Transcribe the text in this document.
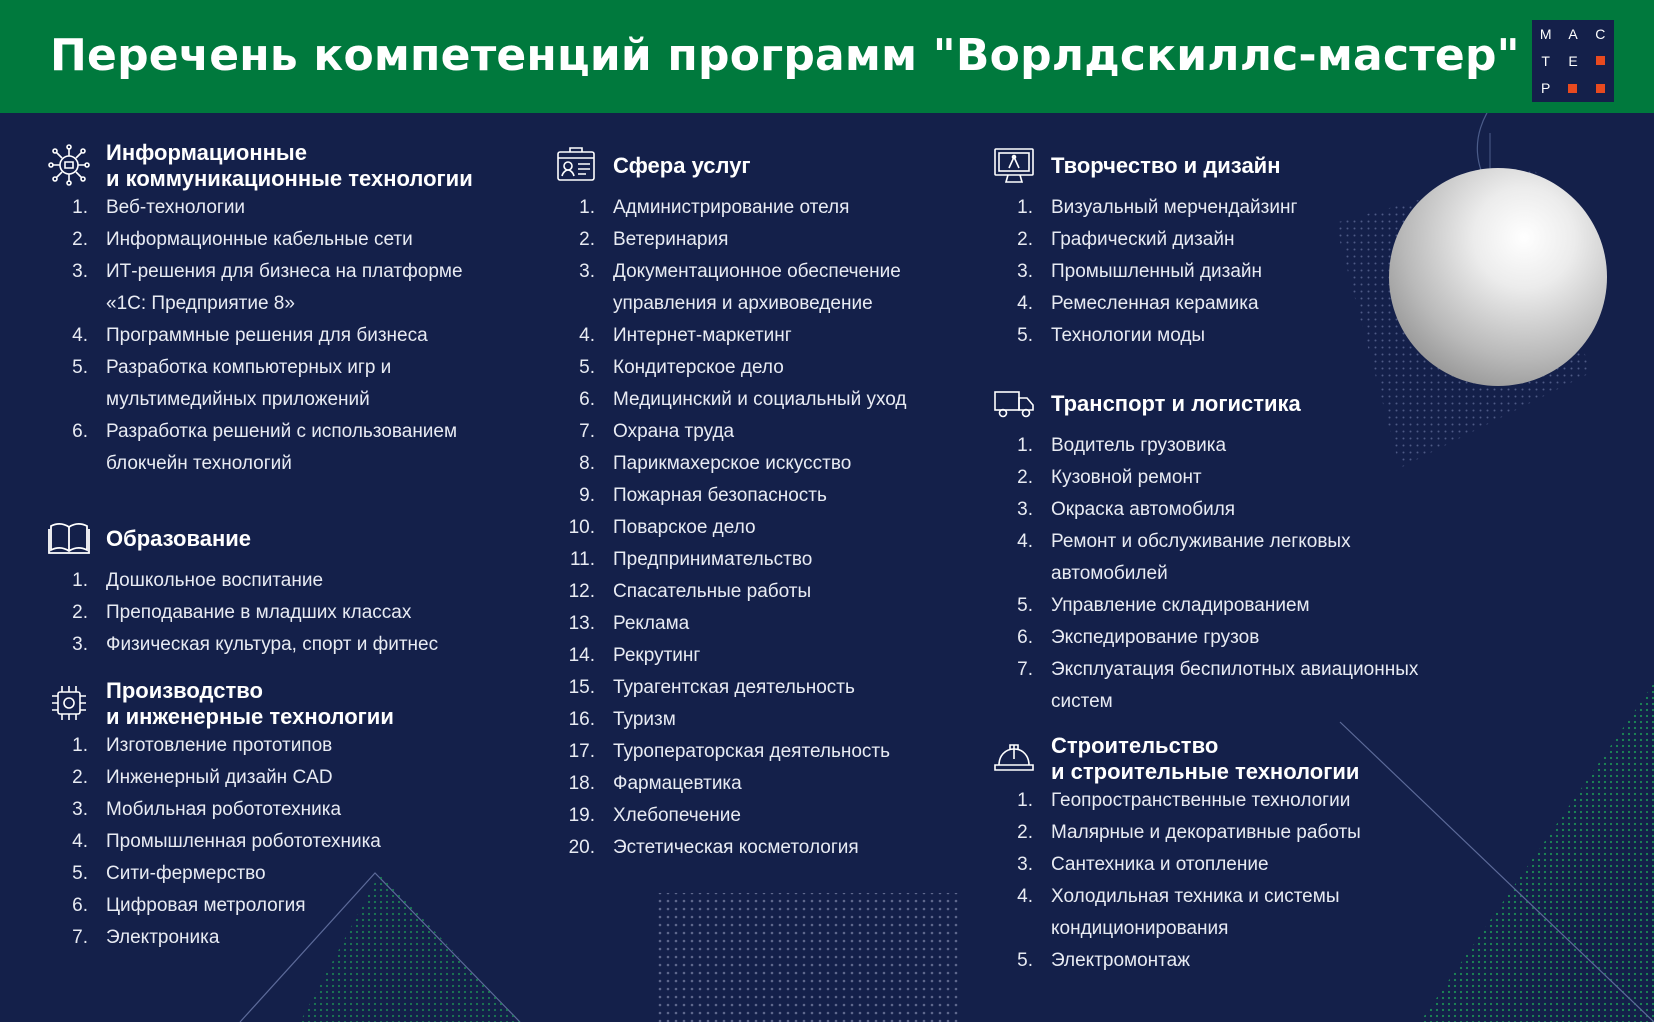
Перечень компетенций программ "Ворлдскиллс-мастер" М А С
Т Е
Р
Информационные
и коммуникационные технологии
1. Веб-технологии
2. Информационные кабельные сети
3. ИТ-решения для бизнеса на платформе
«1С: Предприятие 8»
4. Программные решения для бизнеса
5. Разработка компьютерных игр и
мультимедийных приложений
6. Разработка решений с использованием
блокчейн технологий
Образование
1. Дошкольное воспитание
2. Преподавание в младших классах
3. Физическая культура, спорт и фитнес
Производство
и инженерные технологии
1. Изготовление прототипов
2. Инженерный дизайн CAD
3. Мобильная робототехника
4. Промышленная робототехника
5. Сити-фермерство
6. Цифровая метрология
7. Электроника
Сфера услуг
1. Администрирование отеля
2. Ветеринария
3. Документационное обеспечение
управления и архивоведение
4. Интернет-маркетинг
5. Кондитерское дело
6. Медицинский и социальный уход
7. Охрана труда
8. Парикмахерское искусство
9. Пожарная безопасность
10. Поварское дело
11. Предпринимательство
12. Спасательные работы
13. Реклама
14. Рекрутинг
15. Турагентская деятельность
16. Туризм
17. Туроператорская деятельность
18. Фармацевтика
19. Хлебопечение
20. Эстетическая косметология
Творчество и дизайн
1. Визуальный мерчендайзинг
2. Графический дизайн
3. Промышленный дизайн
4. Ремесленная керамика
5. Технологии моды
Транспорт и логистика
1. Водитель грузовика
2. Кузовной ремонт
3. Окраска автомобиля
4. Ремонт и обслуживание легковых
автомобилей
5. Управление складированием
6. Экспедирование грузов
7. Эксплуатация беспилотных авиационных
систем
Строительство
и строительные технологии
1. Геопространственные технологии
2. Малярные и декоративные работы
3. Сантехника и отопление
4. Холодильная техника и системы
кондиционирования
5. Электромонтаж
